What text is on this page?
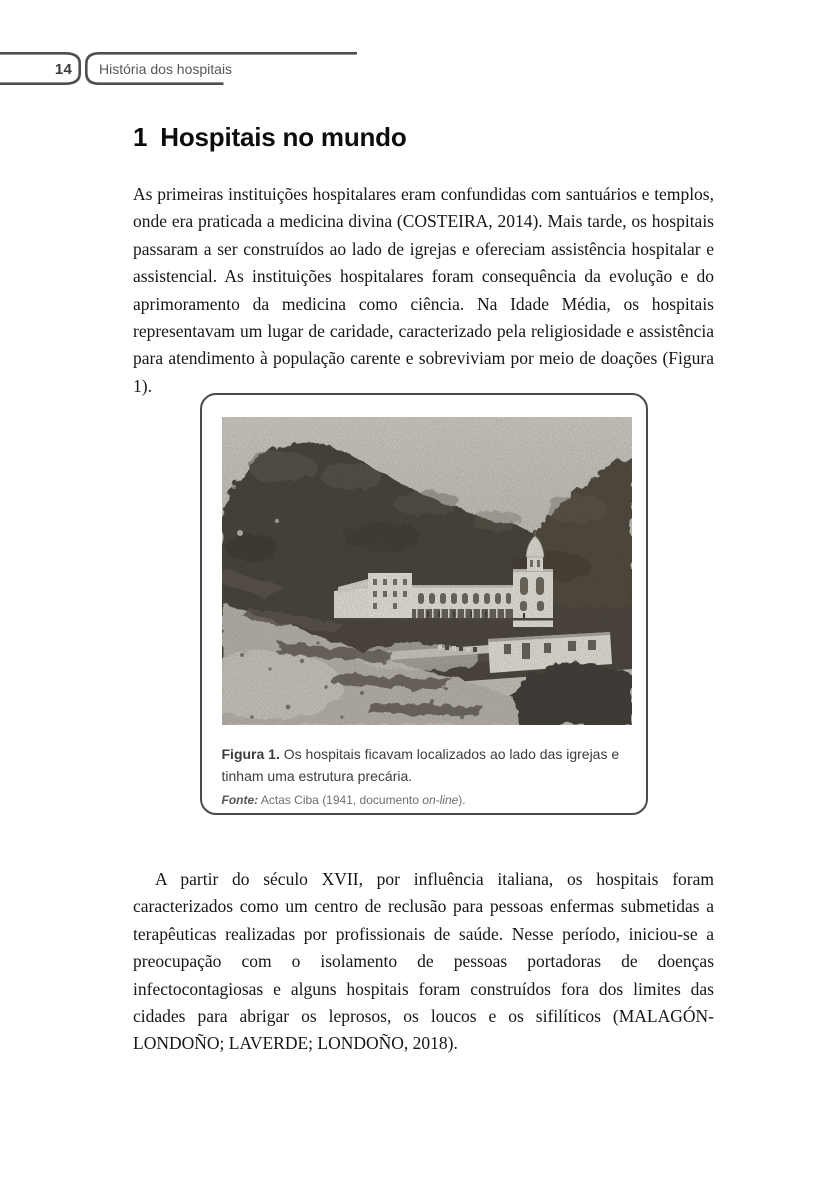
14 História dos hospitais
1 Hospitais no mundo

As primeiras instituições hospitalares eram confundidas com santuários e templos, onde era praticada a medicina divina (COSTEIRA, 2014). Mais tarde, os hospitais passaram a ser construídos ao lado de igrejas e ofereciam assistência hospitalar e assistencial. As instituições hospitalares foram consequência da evolução e do aprimoramento da medicina como ciência. Na Idade Média, os hospitais representavam um lugar de caridade, caracterizado pela religiosidade e assistência para atendimento à população carente e sobreviviam por meio de doações (Figura 1).

Figura 1. Os hospitais ficavam localizados ao lado das igrejas e tinham uma estrutura precária.
Fonte: Actas Ciba (1941, documento on-line).

A partir do século XVII, por influência italiana, os hospitais foram caracterizados como um centro de reclusão para pessoas enfermas submetidas a terapêuticas realizadas por profissionais de saúde. Nesse período, iniciou-se a preocupação com o isolamento de pessoas portadoras de doenças infectocontagiosas e alguns hospitais foram construídos fora dos limites das cidades para abrigar os leprosos, os loucos e os sifilíticos (MALAGÓN-LONDOÑO; LAVERDE; LONDOÑO, 2018).
